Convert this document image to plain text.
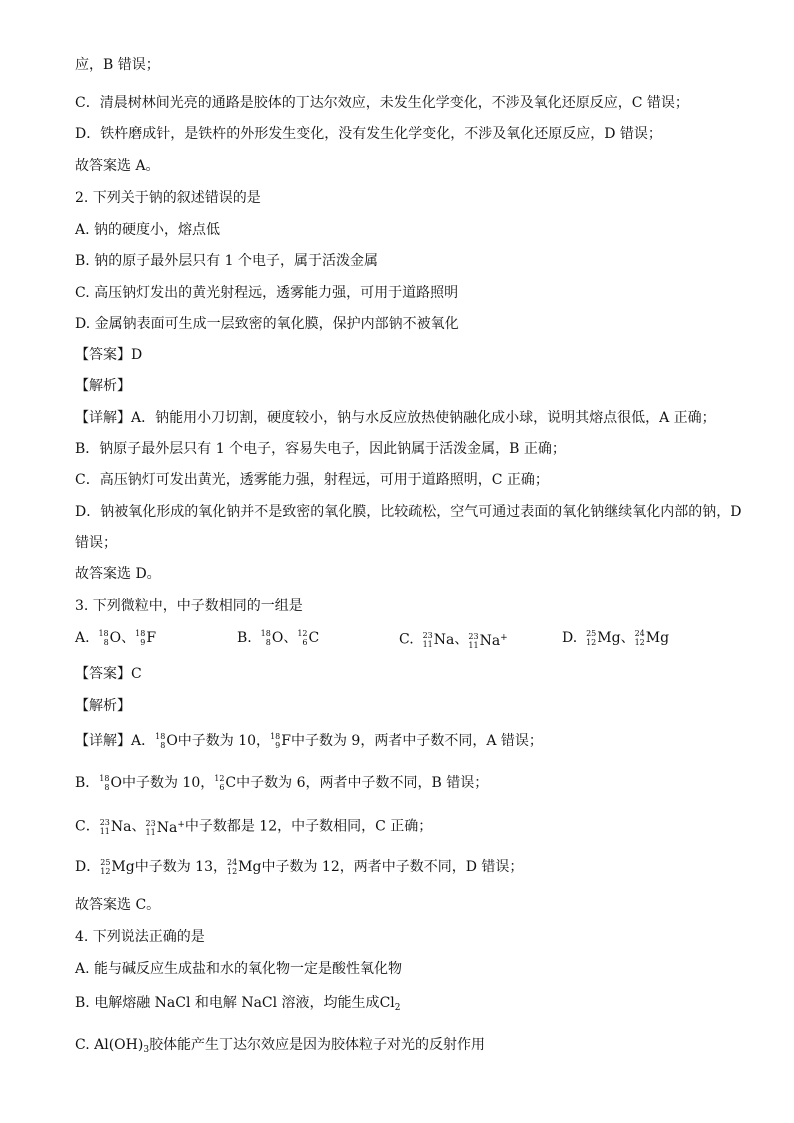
应，B 错误；
C．清晨树林间光亮的通路是胶体的丁达尔效应，未发生化学变化，不涉及氧化还原反应，C 错误；
D．铁杵磨成针，是铁杵的外形发生变化，没有发生化学变化，不涉及氧化还原反应，D 错误；
故答案选 A。
2. 下列关于钠的叙述错误的是
A. 钠的硬度小，熔点低
B. 钠的原子最外层只有 1 个电子，属于活泼金属
C. 高压钠灯发出的黄光射程远，透雾能力强，可用于道路照明
D. 金属钠表面可生成一层致密的氧化膜，保护内部钠不被氧化
【答案】D
【解析】
【详解】A．钠能用小刀切割，硬度较小，钠与水反应放热使钠融化成小球，说明其熔点很低，A 正确；
B．钠原子最外层只有 1 个电子，容易失电子，因此钠属于活泼金属，B 正确；
C．高压钠灯可发出黄光，透雾能力强，射程远，可用于道路照明，C 正确；
D．钠被氧化形成的氧化钠并不是致密的氧化膜，比较疏松，空气可通过表面的氧化钠继续氧化内部的钠，D
错误；
故答案选 D。
3. 下列微粒中，中子数相同的一组是
A. 18
8 O、 18
9 F	B. 18
8 O、 12
6 C	C. 23
11 Na、 23
11 Na+	D. 25
12 Mg、 24
12 Mg
【答案】C
【解析】
【详解】A． 18
8 O中子数为 10， 18
9 F中子数为 9，两者中子数不同，A 错误；
B． 18
8 O中子数为 10， 12
6 C中子数为 6，两者中子数不同，B 错误；
C． 23
11 Na、 23
11 Na+中子数都是 12，中子数相同，C 正确；
D． 25
12 Mg中子数为 13， 24
12 Mg中子数为 12，两者中子数不同，D 错误；
故答案选 C。
4. 下列说法正确的是
A. 能与碱反应生成盐和水的氧化物一定是酸性氧化物
B. 电解熔融 NaCl 和电解 NaCl 溶液，均能生成$Cl_2$
C. $Al(OH)_3$胶体能产生丁达尔效应是因为胶体粒子对光的反射作用
